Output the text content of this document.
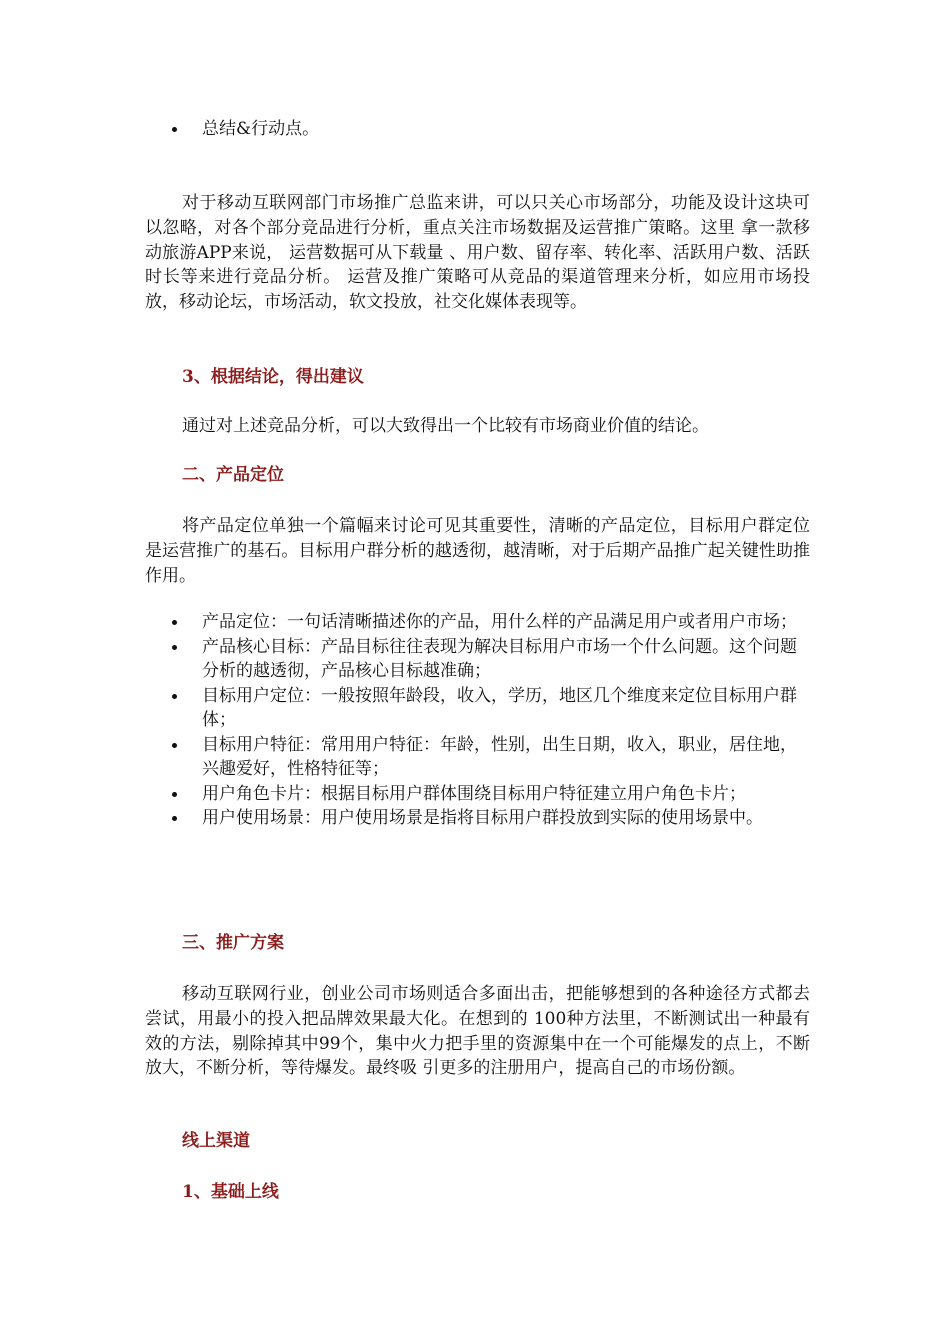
总结&行动点。

对于移动互联网部门市场推广总监来讲，可以只关心市场部分，功能及设计这块可以忽略，对各个部分竞品进行分析，重点关注市场数据及运营推广策略。这里 拿一款移动旅游APP来说， 运营数据可从下载量 、用户数、留存率、转化率、活跃用户数、活跃时长等来进行竞品分析。 运营及推广策略可从竞品的渠道管理来分析，如应用市场投放，移动论坛，市场活动，软文投放，社交化媒体表现等。

3、根据结论，得出建议

通过对上述竞品分析，可以大致得出一个比较有市场商业价值的结论。

二、产品定位

将产品定位单独一个篇幅来讨论可见其重要性，清晰的产品定位，目标用户群定位是运营推广的基石。目标用户群分析的越透彻，越清晰，对于后期产品推广起关键性助推作用。

产品定位：一句话清晰描述你的产品，用什么样的产品满足用户或者用户市场；
产品核心目标：产品目标往往表现为解决目标用户市场一个什么问题。这个问题分析的越透彻，产品核心目标越准确；
目标用户定位：一般按照年龄段，收入，学历，地区几个维度来定位目标用户群体；
目标用户特征：常用用户特征：年龄，性别，出生日期，收入，职业，居住地，兴趣爱好，性格特征等；
用户角色卡片：根据目标用户群体围绕目标用户特征建立用户角色卡片；
用户使用场景：用户使用场景是指将目标用户群投放到实际的使用场景中。
三、推广方案

移动互联网行业，创业公司市场则适合多面出击，把能够想到的各种途径方式都去尝试，用最小的投入把品牌效果最大化。在想到的 100种方法里，不断测试出一种最有效的方法，剔除掉其中99个，集中火力把手里的资源集中在一个可能爆发的点上，不断放大，不断分析，等待爆发。最终吸 引更多的注册用户，提高自己的市场份额。

线上渠道
1、基础上线
